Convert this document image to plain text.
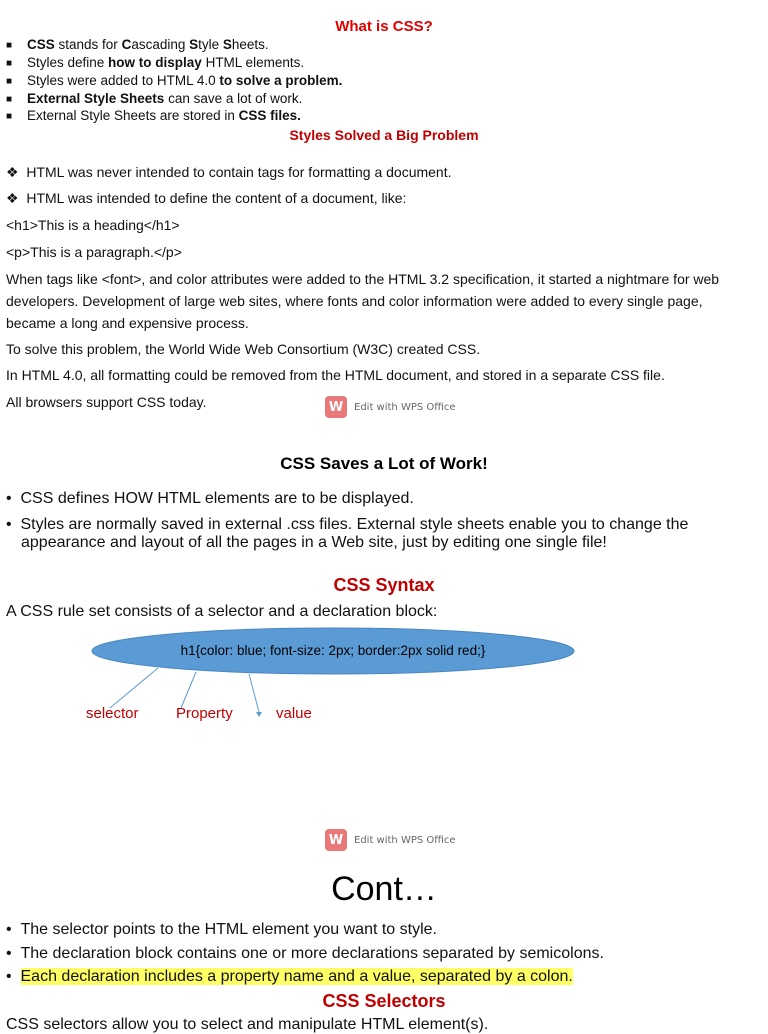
What is CSS?
■ CSS stands for Cascading Style Sheets.
■ Styles define how to display HTML elements.
■ Styles were added to HTML 4.0 to solve a problem.
■ External Style Sheets can save a lot of work.
■ External Style Sheets are stored in CSS files.
Styles Solved a Big Problem
❖ HTML was never intended to contain tags for formatting a document.
❖ HTML was intended to define the content of a document, like:
<h1>This is a heading</h1>
<p>This is a paragraph.</p>
When tags like <font>, and color attributes were added to the HTML 3.2 specification, it started a nightmare for web developers. Development of large web sites, where fonts and color information were added to every single page, became a long and expensive process.
To solve this problem, the World Wide Web Consortium (W3C) created CSS.
In HTML 4.0, all formatting could be removed from the HTML document, and stored in a separate CSS file.
All browsers support CSS today.	W	Edit with WPS Office
CSS Saves a Lot of Work!
• CSS defines HOW HTML elements are to be displayed.
• Styles are normally saved in external .css files. External style sheets enable you to change the
appearance and layout of all the pages in a Web site, just by editing one single file!
CSS Syntax
A CSS rule set consists of a selector and a declaration block:
h1{color: blue; font-size: 2px; border:2px solid red;}
selector Property	value
W	Edit with WPS Office
Cont…
• The selector points to the HTML element you want to style.
• The declaration block contains one or more declarations separated by semicolons.
• Each declaration includes a property name and a value, separated by a colon.
CSS Selectors
CSS selectors allow you to select and manipulate HTML element(s).
